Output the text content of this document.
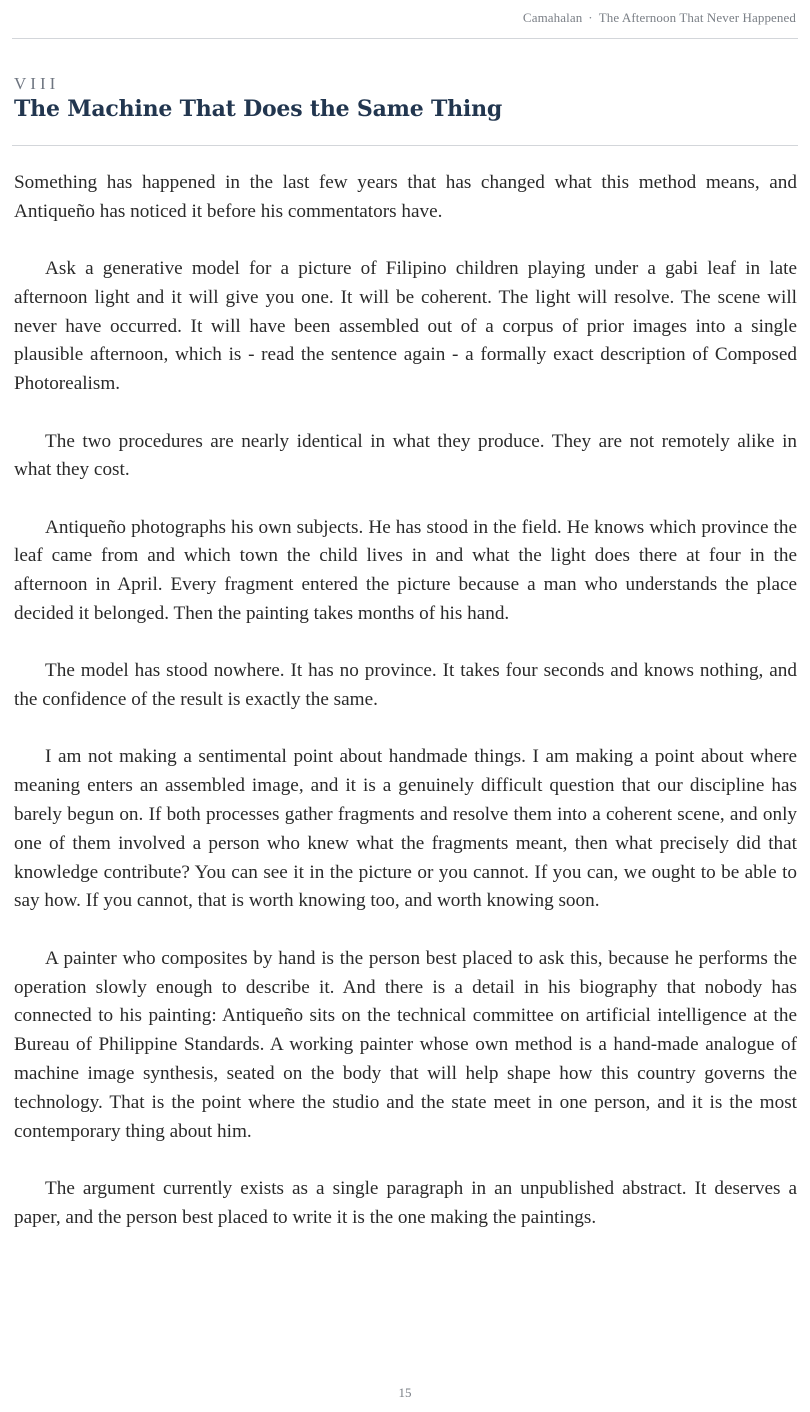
Camahalan · The Afternoon That Never Happened
VIII
The Machine That Does the Same Thing

Something has happened in the last few years that has changed what this method means, and Antiqueño has noticed it before his commentators have.

Ask a generative model for a picture of Filipino children playing under a gabi leaf in late afternoon light and it will give you one. It will be coherent. The light will resolve. The scene will never have occurred. It will have been assembled out of a corpus of prior images into a single plausible afternoon, which is - read the sentence again - a formally exact description of Composed Photorealism.

The two procedures are nearly identical in what they produce. They are not remotely alike in what they cost.

Antiqueño photographs his own subjects. He has stood in the field. He knows which province the leaf came from and which town the child lives in and what the light does there at four in the afternoon in April. Every fragment entered the picture because a man who understands the place decided it belonged. Then the painting takes months of his hand.

The model has stood nowhere. It has no province. It takes four seconds and knows nothing, and the confidence of the result is exactly the same.

I am not making a sentimental point about handmade things. I am making a point about where meaning enters an assembled image, and it is a genuinely difficult question that our discipline has barely begun on. If both processes gather fragments and resolve them into a coherent scene, and only one of them involved a person who knew what the fragments meant, then what precisely did that knowledge contribute? You can see it in the picture or you cannot. If you can, we ought to be able to say how. If you cannot, that is worth knowing too, and worth knowing soon.

A painter who composites by hand is the person best placed to ask this, because he performs the operation slowly enough to describe it. And there is a detail in his biography that nobody has connected to his painting: Antiqueño sits on the technical committee on artificial intelligence at the Bureau of Philippine Standards. A working painter whose own method is a hand-made analogue of machine image synthesis, seated on the body that will help shape how this country governs the technology. That is the point where the studio and the state meet in one person, and it is the most contemporary thing about him.

The argument currently exists as a single paragraph in an unpublished abstract. It deserves a paper, and the person best placed to write it is the one making the paintings.

15
